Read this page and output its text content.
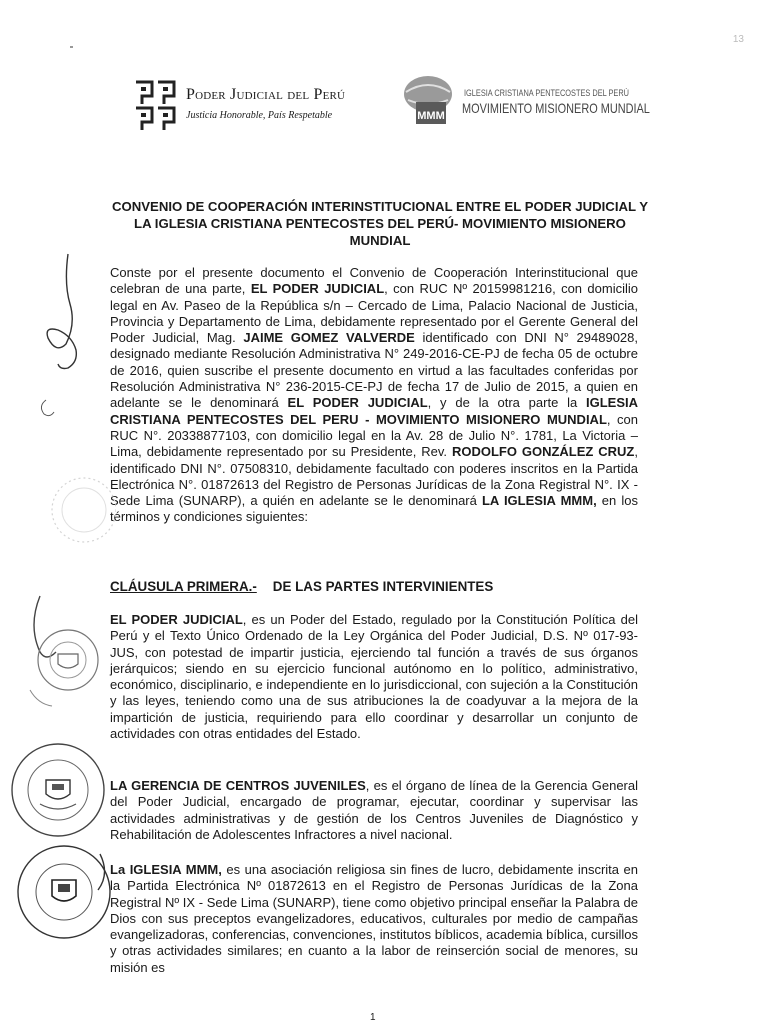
13
Poder Judicial del Perú
Justicia Honorable, País Respetable	MMM
IGLESIA CRISTIANA PENTECOSTES DEL PERÚ
MOVIMIENTO MISIONERO MUNDIAL
CONVENIO DE COOPERACIÓN INTERINSTITUCIONAL ENTRE EL PODER JUDICIAL Y LA IGLESIA CRISTIANA PENTECOSTES DEL PERÚ- MOVIMIENTO MISIONERO MUNDIAL
Conste por el presente documento el Convenio de Cooperación Interinstitucional que celebran de una parte, EL PODER JUDICIAL, con RUC Nº 20159981216, con domicilio legal en Av. Paseo de la República s/n – Cercado de Lima, Palacio Nacional de Justicia, Provincia y Departamento de Lima, debidamente representado por el Gerente General del Poder Judicial, Mag. JAIME GOMEZ VALVERDE identificado con DNI N° 29489028, designado mediante Resolución Administrativa N° 249-2016-CE-PJ de fecha 05 de octubre de 2016, quien suscribe el presente documento en virtud a las facultades conferidas por Resolución Administrativa N° 236-2015-CE-PJ de fecha 17 de Julio de 2015, a quien en adelante se le denominará EL PODER JUDICIAL, y de la otra parte la IGLESIA CRISTIANA PENTECOSTES DEL PERU - MOVIMIENTO MISIONERO MUNDIAL, con RUC N°. 20338877103, con domicilio legal en la Av. 28 de Julio N°. 1781, La Victoria – Lima, debidamente representado por su Presidente, Rev. RODOLFO GONZÁLEZ CRUZ, identificado DNI N°. 07508310, debidamente facultado con poderes inscritos en la Partida Electrónica N°. 01872613 del Registro de Personas Jurídicas de la Zona Registral N°. IX - Sede Lima (SUNARP), a quién en adelante se le denominará LA IGLESIA MMM, en los términos y condiciones siguientes:
CLÁUSULA PRIMERA.- DE LAS PARTES INTERVINIENTES
EL PODER JUDICIAL, es un Poder del Estado, regulado por la Constitución Política del Perú y el Texto Único Ordenado de la Ley Orgánica del Poder Judicial, D.S. Nº 017-93-JUS, con potestad de impartir justicia, ejerciendo tal función a través de sus órganos jerárquicos; siendo en su ejercicio funcional autónomo en lo político, administrativo, económico, disciplinario, e independiente en lo jurisdiccional, con sujeción a la Constitución y las leyes, teniendo como una de sus atribuciones la de coadyuvar a la mejora de la impartición de justicia, requiriendo para ello coordinar y desarrollar un conjunto de actividades con otras entidades del Estado.
LA GERENCIA DE CENTROS JUVENILES, es el órgano de línea de la Gerencia General del Poder Judicial, encargado de programar, ejecutar, coordinar y supervisar las actividades administrativas y de gestión de los Centros Juveniles de Diagnóstico y Rehabilitación de Adolescentes Infractores a nivel nacional.
La IGLESIA MMM, es una asociación religiosa sin fines de lucro, debidamente inscrita en la Partida Electrónica Nº 01872613 en el Registro de Personas Jurídicas de la Zona Registral Nº IX - Sede Lima (SUNARP), tiene como objetivo principal enseñar la Palabra de Dios con sus preceptos evangelizadores, educativos, culturales por medio de campañas evangelizadoras, conferencias, convenciones, institutos bíblicos, academia bíblica, cursillos y otras actividades similares; en cuanto a la labor de reinserción social de menores, su misión es
1
